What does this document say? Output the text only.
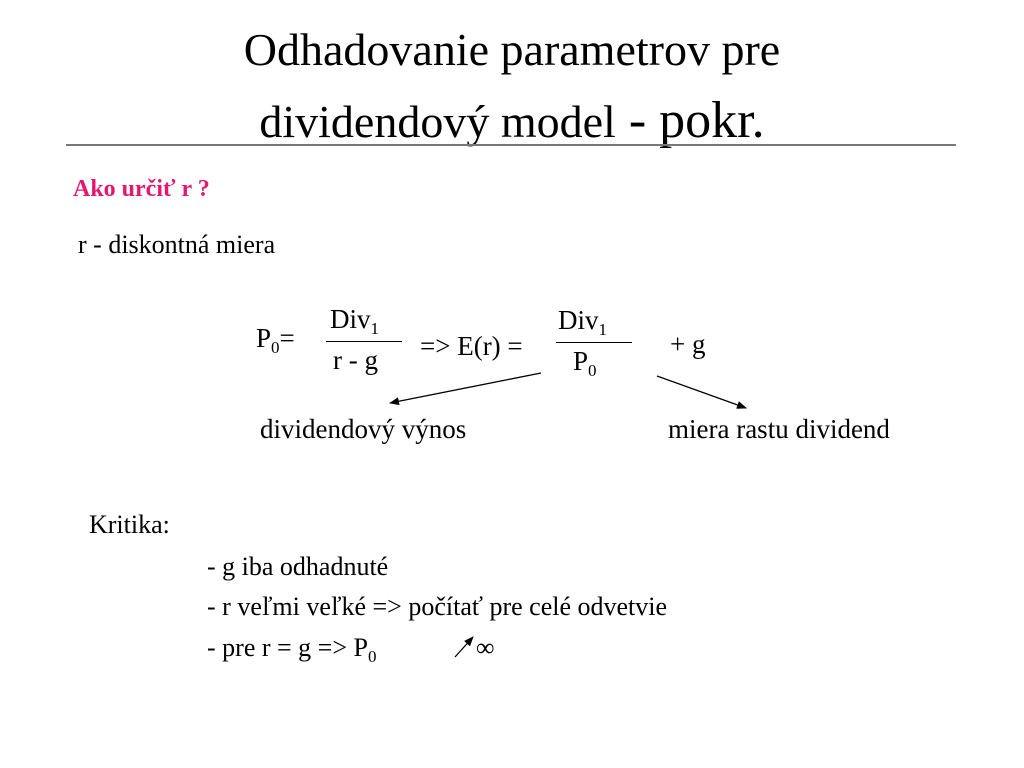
Odhadovanie parametrov pre
dividendový model - pokr.
Ako určiť r ?
r - diskontná miera
$P_0=$
Div$_1$
r - g => E(r) =
Div$_1$
$P_0$
+ g
dividendový výnos	miera rastu dividend
Kritika:
- g iba odhadnuté
- r veľmi veľké => počítať pre celé odvetvie
- pre $r = g => P_0$	∞
